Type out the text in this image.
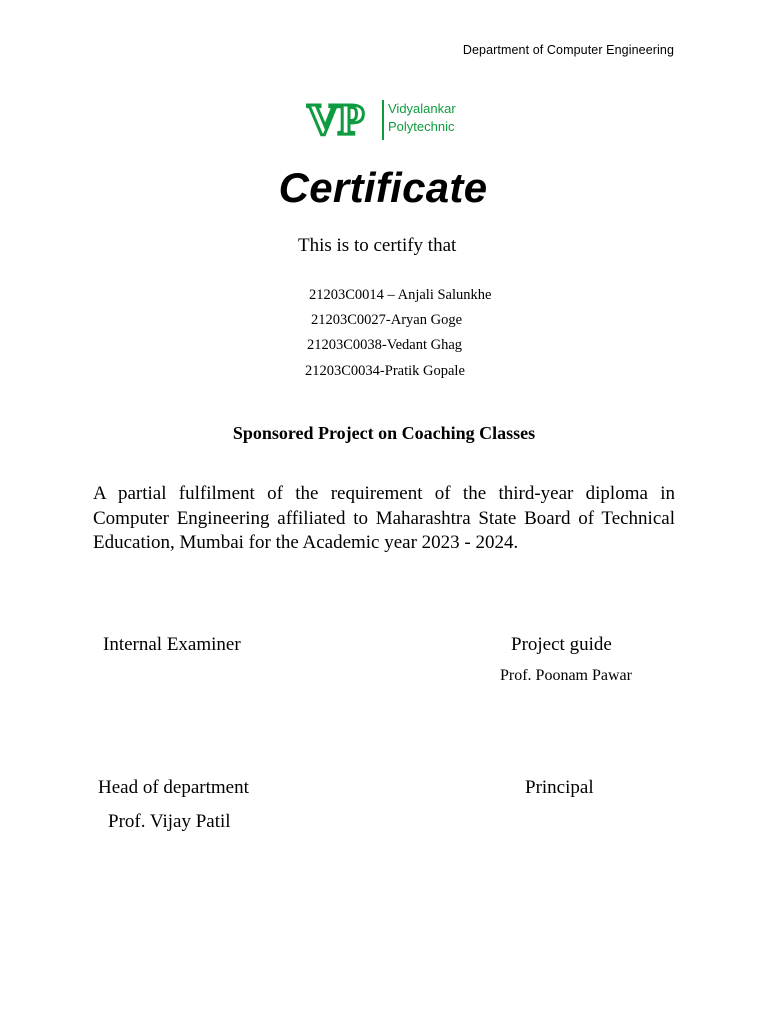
Department of Computer Engineering
VP Vidyalankar
Polytechnic
Certificate
This is to certify that
21203C0014 – Anjali Salunkhe
21203C0027-Aryan Goge
21203C0038-Vedant Ghag
21203C0034-Pratik Gopale
Sponsored Project on Coaching Classes
A partial fulfilment of the requirement of the third-year diploma in Computer Engineering affiliated to Maharashtra State Board of Technical Education, Mumbai for the Academic year 2023 - 2024.
Internal Examiner	Project guide
Prof. Poonam Pawar
Head of department	Principal
Prof. Vijay Patil
